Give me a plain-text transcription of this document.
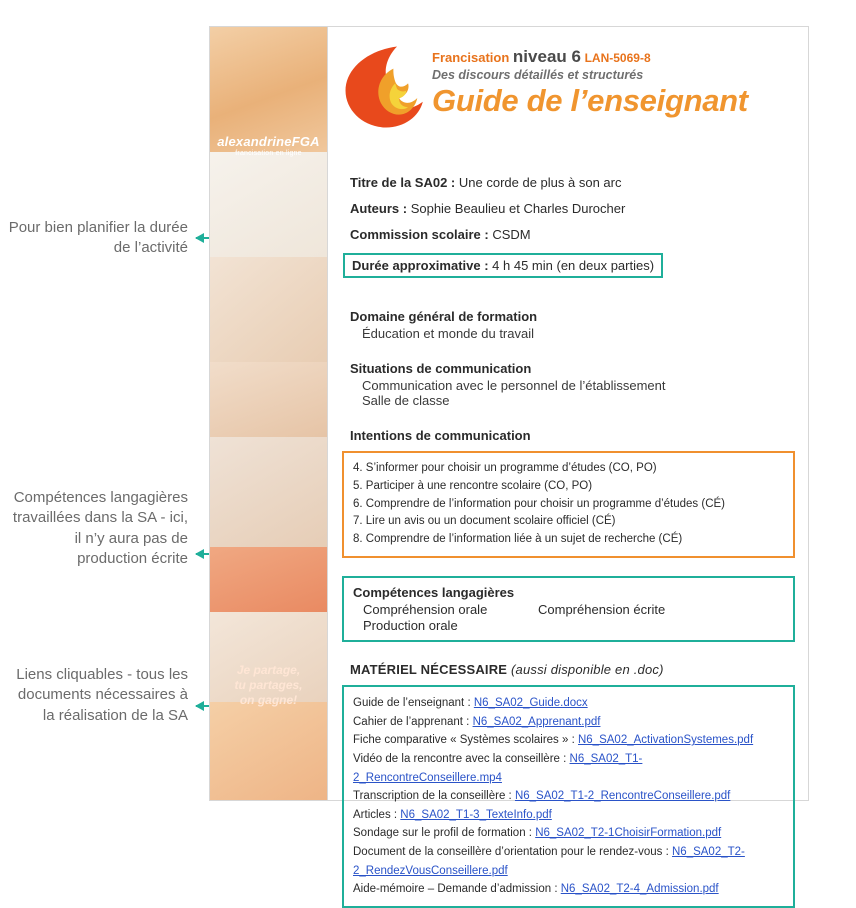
Pour bien planifier la durée de l’activité
Compétences langagières travaillées dans la SA - ici, il n’y aura pas de production écrite
Liens cliquables - tous les documents nécessaires à la réalisation de la SA
alexandrineFGA
francisation en ligne
Je partage,
tu partages,
on gagne!
Francisation niveau 6 LAN-5069-8
Des discours détaillés et structurés
Guide de l’enseignant
Titre de la SA02 : Une corde de plus à son arc
Auteurs : Sophie Beaulieu et Charles Durocher
Commission scolaire : CSDM
Durée approximative : 4 h 45 min (en deux parties)
Domaine général de formation
Éducation et monde du travail
Situations de communication
Communication avec le personnel de l’établissement
Salle de classe
Intentions de communication
4. S’informer pour choisir un programme d’études (CO, PO)
5. Participer à une rencontre scolaire (CO, PO)
6. Comprendre de l’information pour choisir un programme d’études (CÉ)
7. Lire un avis ou un document scolaire officiel (CÉ)
8. Comprendre de l’information liée à un sujet de recherche (CÉ)
Compétences langagières
Compréhension orale	Compréhension écrite
Production orale
MATÉRIEL NÉCESSAIRE (aussi disponible en .doc)
Guide de l’enseignant : N6_SA02_Guide.docx
Cahier de l’apprenant : N6_SA02_Apprenant.pdf
Fiche comparative « Systèmes scolaires » : N6_SA02_ActivationSystemes.pdf
Vidéo de la rencontre avec la conseillère : N6_SA02_T1-2_RencontreConseillere.mp4
Transcription de la conseillère : N6_SA02_T1-2_RencontreConseillere.pdf
Articles : N6_SA02_T1-3_TexteInfo.pdf
Sondage sur le profil de formation : N6_SA02_T2-1ChoisirFormation.pdf
Document de la conseillère d’orientation pour le rendez-vous : N6_SA02_T2-2_RendezVousConseillere.pdf
Aide-mémoire – Demande d’admission : N6_SA02_T2-4_Admission.pdf
